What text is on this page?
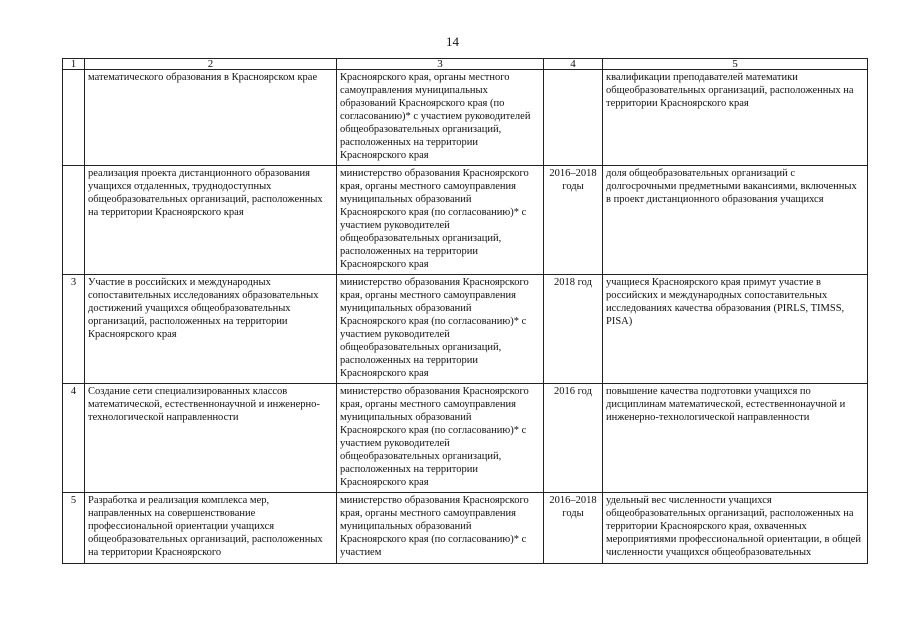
14
1	2	3	4	5
	математического образования в Красноярском крае	Красноярского края, органы местного самоуправления муниципальных образований Красноярского края (по согласованию)* с участием руководителей общеобразовательных организаций, расположенных на территории Красноярского края		квалификации преподавателей математики общеобразовательных организаций, расположенных на территории Красноярского края
	реализация проекта дистанционного образования учащихся отдаленных, труднодоступных общеобразовательных организаций, расположенных на территории Красноярского края	министерство образования Красноярского края, органы местного самоуправления муниципальных образований Красноярского края (по согласованию)* с участием руководителей общеобразовательных организаций, расположенных на территории Красноярского края	2016–2018 годы	доля общеобразовательных организаций с долгосрочными предметными вакансиями, включенных в проект дистанционного образования учащихся
3	Участие в российских и международных сопоставительных исследованиях образовательных достижений учащихся общеобразовательных организаций, расположенных на территории Красноярского края	министерство образования Красноярского края, органы местного самоуправления муниципальных образований Красноярского края (по согласованию)* с участием руководителей общеобразовательных организаций, расположенных на территории Красноярского края	2018 год	учащиеся Красноярского края примут участие в российских и международных сопоставительных исследованиях качества образования (PIRLS, TIMSS, PISA)
4	Создание сети специализированных классов математической, естественнонаучной и инженерно-технологической направленности	министерство образования Красноярского края, органы местного самоуправления муниципальных образований Красноярского края (по согласованию)* с участием руководителей общеобразовательных организаций, расположенных на территории Красноярского края	2016 год	повышение качества подготовки учащихся по дисциплинам математической, естественнонаучной и инженерно-технологической направленности
5	Разработка и реализация комплекса мер, направленных на совершенствование профессиональной ориентации учащихся общеобразовательных организаций, расположенных на территории Красноярского	министерство образования Красноярского края, органы местного самоуправления муниципальных образований Красноярского края (по согласованию)* с участием	2016–2018 годы	удельный вес численности учащихся общеобразовательных организаций, расположенных на территории Красноярского края, охваченных мероприятиями профессиональной ориентации, в общей численности учащихся общеобразовательных
